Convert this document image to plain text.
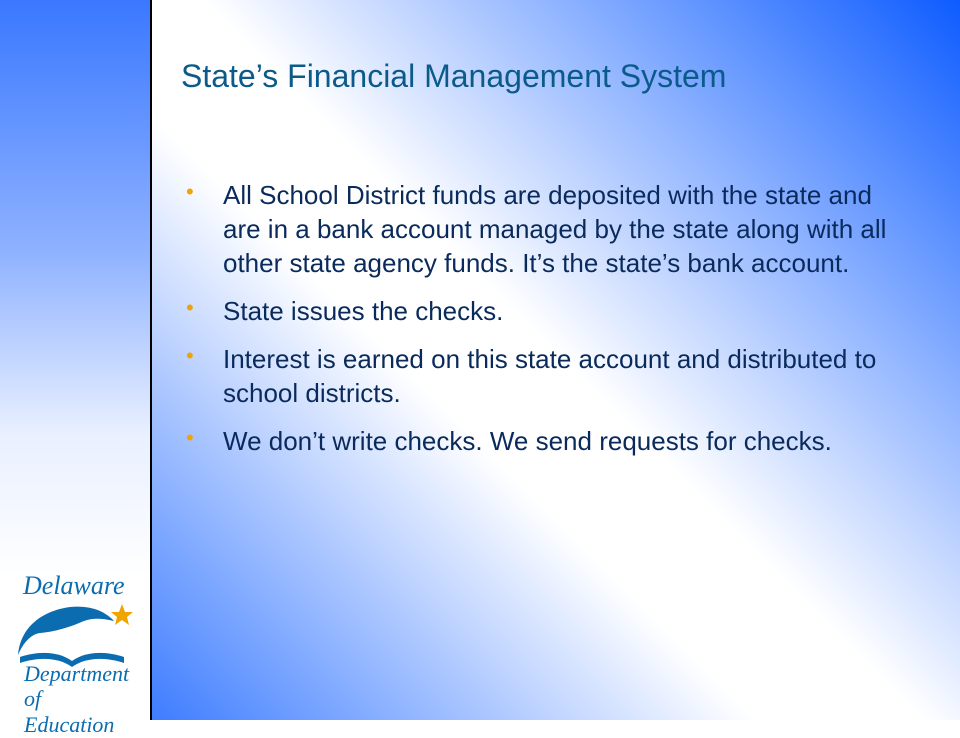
State’s Financial Management System
• All School District funds are deposited with the state and are in a bank account managed by the state along with all other state agency funds. It’s the state’s bank account.
• State issues the checks.
• Interest is earned on this state account and distributed to school districts.
• We don’t write checks. We send requests for checks.
Delaware
Department
of Education
